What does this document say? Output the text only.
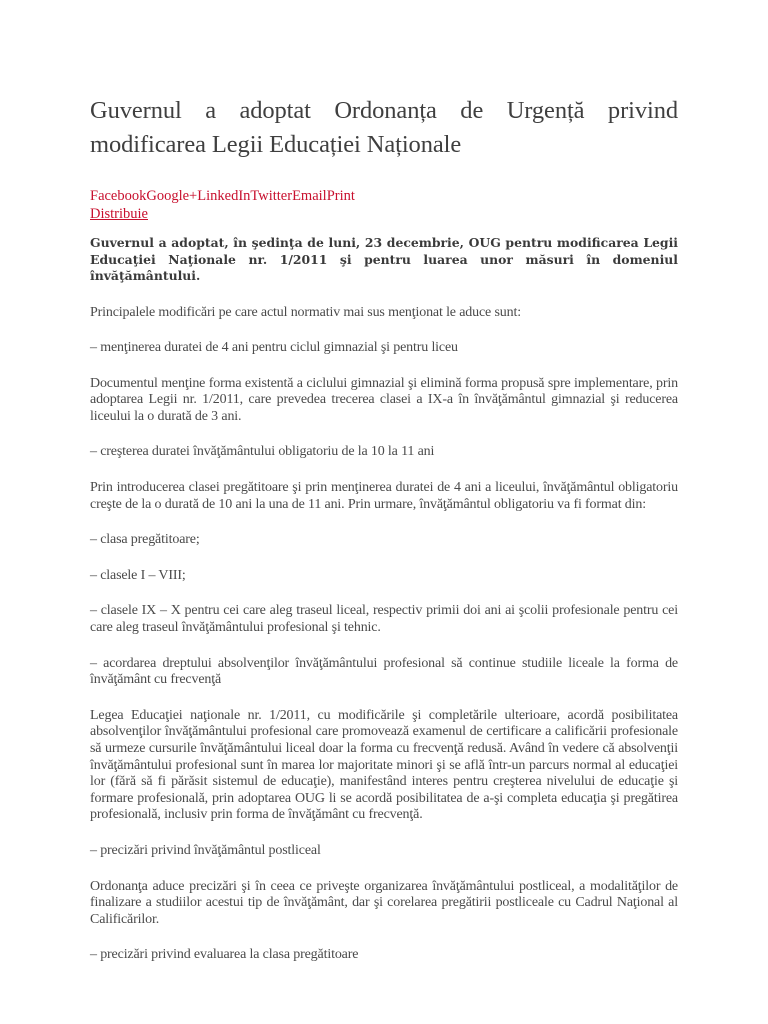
Guvernul a adoptat Ordonanța de Urgență privind modificarea Legii Educației Naționale
FacebookGoogle+LinkedInTwitterEmailPrint
Distribuie

Guvernul a adoptat, în şedinţa de luni, 23 decembrie, OUG pentru modificarea Legii Educaţiei Naţionale nr. 1/2011 şi pentru luarea unor măsuri în domeniul învăţământului.

Principalele modificări pe care actul normativ mai sus menţionat le aduce sunt:

– menţinerea duratei de 4 ani pentru ciclul gimnazial şi pentru liceu

Documentul menţine forma existentă a ciclului gimnazial şi elimină forma propusă spre implementare, prin adoptarea Legii nr. 1/2011, care prevedea trecerea clasei a IX-a în învăţământul gimnazial şi reducerea liceului la o durată de 3 ani.

– creşterea duratei învăţământului obligatoriu de la 10 la 11 ani

Prin introducerea clasei pregătitoare şi prin menţinerea duratei de 4 ani a liceului, învăţământul obligatoriu creşte de la o durată de 10 ani la una de 11 ani. Prin urmare, învăţământul obligatoriu va fi format din:

– clasa pregătitoare;

– clasele I – VIII;

– clasele IX – X pentru cei care aleg traseul liceal, respectiv primii doi ani ai şcolii profesionale pentru cei care aleg traseul învăţământului profesional şi tehnic.

– acordarea dreptului absolvenţilor învăţământului profesional să continue studiile liceale la forma de învăţământ cu frecvenţă

Legea Educaţiei naţionale nr. 1/2011, cu modificările şi completările ulterioare, acordă posibilitatea absolvenţilor învăţământului profesional care promovează examenul de certificare a calificării profesionale să urmeze cursurile învăţământului liceal doar la forma cu frecvenţă redusă. Având în vedere că absolvenţii învăţământului profesional sunt în marea lor majoritate minori şi se află într-un parcurs normal al educaţiei lor (fără să fi părăsit sistemul de educaţie), manifestând interes pentru creşterea nivelului de educaţie şi formare profesională, prin adoptarea OUG li se acordă posibilitatea de a-şi completa educaţia şi pregătirea profesională, inclusiv prin forma de învăţământ cu frecvenţă.

– precizări privind învăţământul postliceal

Ordonanţa aduce precizări şi în ceea ce priveşte organizarea învăţământului postliceal, a modalităţilor de finalizare a studiilor acestui tip de învăţământ, dar şi corelarea pregătirii postliceale cu Cadrul Naţional al Calificărilor.

– precizări privind evaluarea la clasa pregătitoare
